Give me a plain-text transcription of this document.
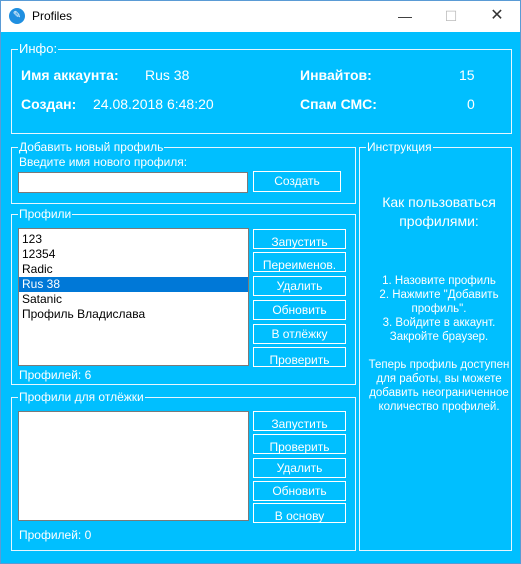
✎ Profiles	—	☐	✕
Инфо:
Имя аккаунта: Rus 38	Инвайтов:	15
Создан: 24.08.2018 6:48:20	Спам СМС:	0
Добавить новый профиль
Введите имя нового профиля:
Создать
Профили
123
12354
Radic
Rus 38
Satanic
Профиль Владислава
Запустить
Переименов.
Удалить
Обновить
В отлёжку
Проверить
Профилей: 6
Профили для отлёжки
Запустить
Проверить
Удалить
Обновить
В основу
Профилей: 0
Инструкция
Как пользоваться профилями:
1. Назовите профиль
2. Нажмите "Добавить профиль".
3. Войдите в аккаунт. Закройте браузер.
Теперь профиль доступен для работы, вы можете добавить неограниченное количество профилей.
